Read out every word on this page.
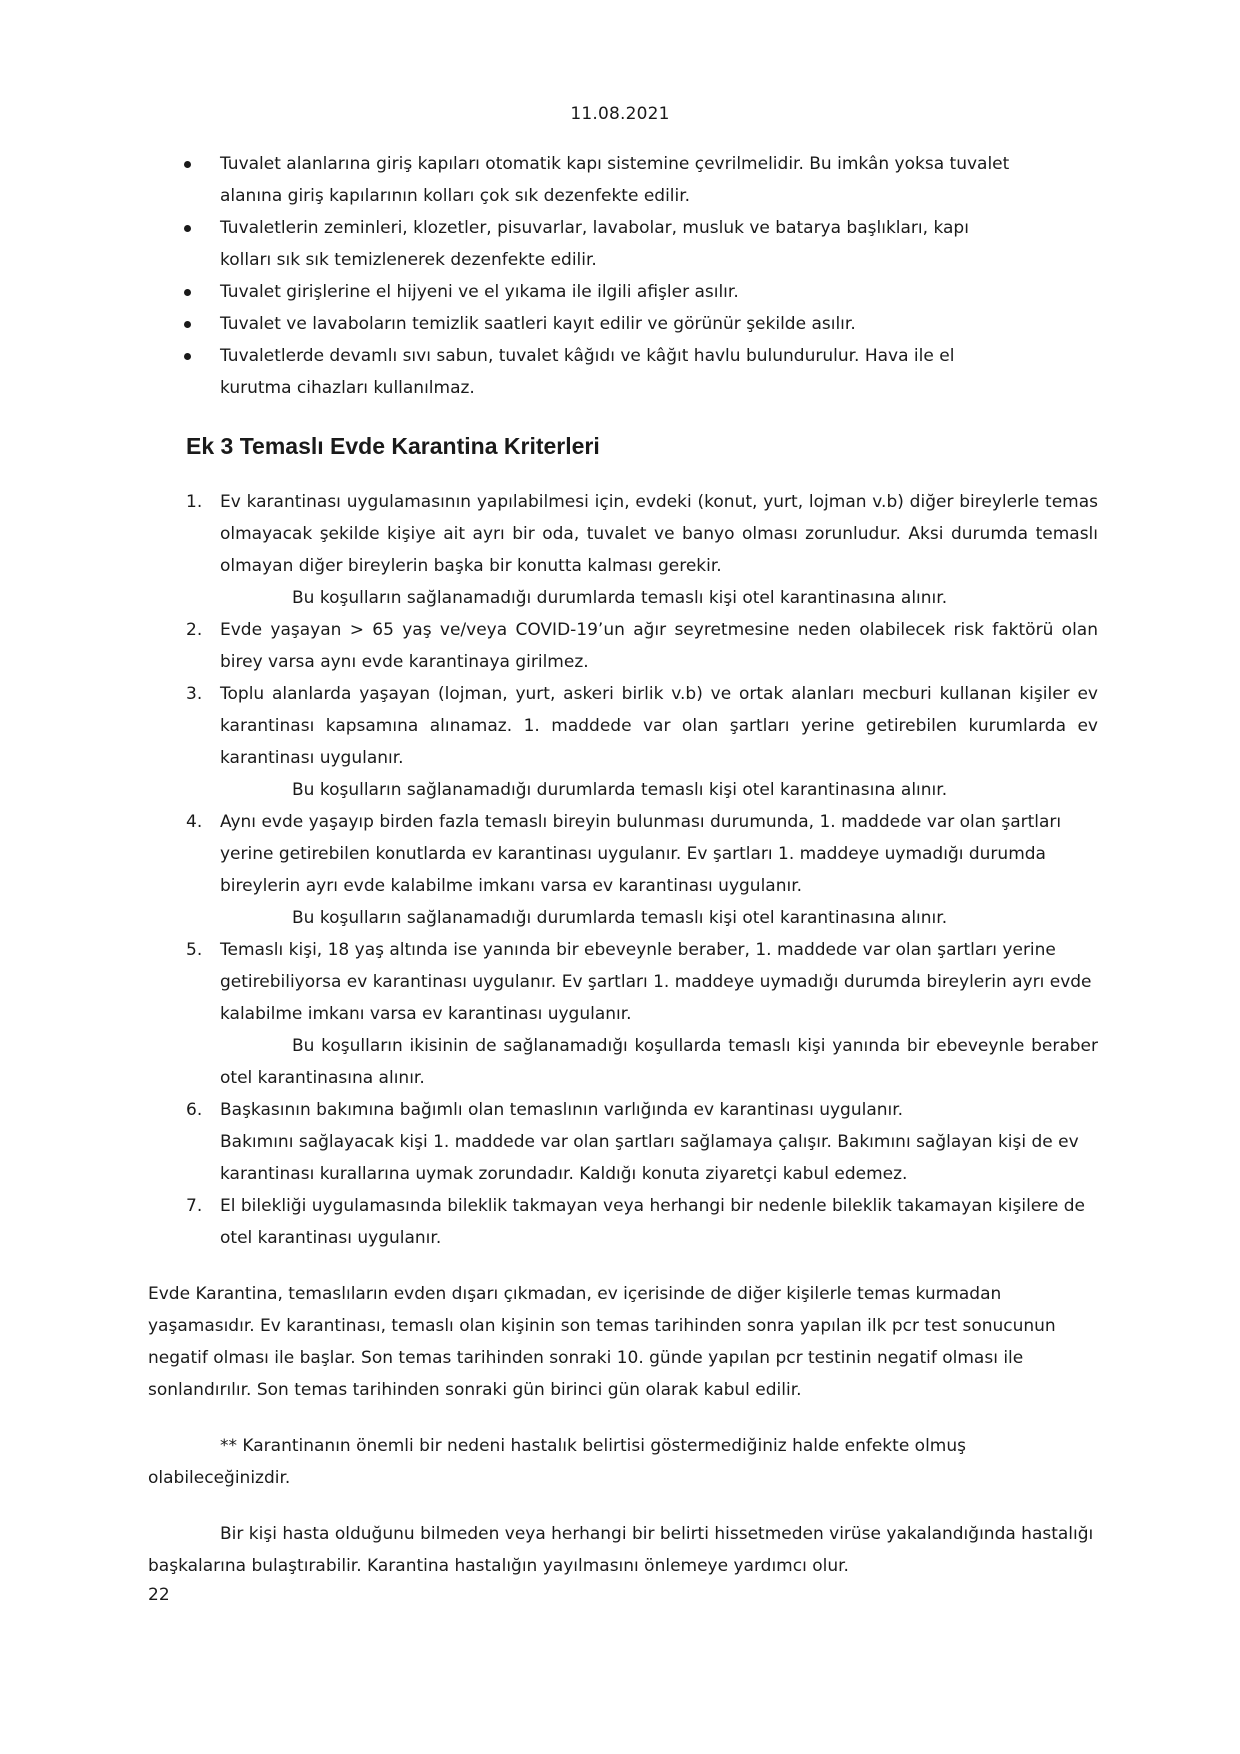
11.08.2021
Tuvalet alanlarına giriş kapıları otomatik kapı sistemine çevrilmelidir. Bu imkân yoksa tuvalet
alanına giriş kapılarının kolları çok sık dezenfekte edilir.
Tuvaletlerin zeminleri, klozetler, pisuvarlar, lavabolar, musluk ve batarya başlıkları, kapı
kolları sık sık temizlenerek dezenfekte edilir.
Tuvalet girişlerine el hijyeni ve el yıkama ile ilgili afişler asılır.
Tuvalet ve lavaboların temizlik saatleri kayıt edilir ve görünür şekilde asılır.
Tuvaletlerde devamlı sıvı sabun, tuvalet kâğıdı ve kâğıt havlu bulundurulur. Hava ile el
kurutma cihazları kullanılmaz.
Ek 3 Temaslı Evde Karantina Kriterleri
1. Ev karantinası uygulamasının yapılabilmesi için, evdeki (konut, yurt, lojman v.b) diğer bireylerle temas olmayacak şekilde kişiye ait ayrı bir oda, tuvalet ve banyo olması zorunludur. Aksi durumda temaslı olmayan diğer bireylerin başka bir konutta kalması gerekir.
Bu koşulların sağlanamadığı durumlarda temaslı kişi otel karantinasına alınır.
2. Evde yaşayan > 65 yaş ve/veya COVID-19’un ağır seyretmesine neden olabilecek risk faktörü olan birey varsa aynı evde karantinaya girilmez.
3. Toplu alanlarda yaşayan (lojman, yurt, askeri birlik v.b) ve ortak alanları mecburi kullanan kişiler ev karantinası kapsamına alınamaz. 1. maddede var olan şartları yerine getirebilen kurumlarda ev karantinası uygulanır.
Bu koşulların sağlanamadığı durumlarda temaslı kişi otel karantinasına alınır.
4. Aynı evde yaşayıp birden fazla temaslı bireyin bulunması durumunda, 1. maddede var olan şartları yerine getirebilen konutlarda ev karantinası uygulanır. Ev şartları 1. maddeye uymadığı durumda bireylerin ayrı evde kalabilme imkanı varsa ev karantinası uygulanır.
Bu koşulların sağlanamadığı durumlarda temaslı kişi otel karantinasına alınır.
5. Temaslı kişi, 18 yaş altında ise yanında bir ebeveynle beraber, 1. maddede var olan şartları yerine getirebiliyorsa ev karantinası uygulanır. Ev şartları 1. maddeye uymadığı durumda bireylerin ayrı evde kalabilme imkanı varsa ev karantinası uygulanır.
Bu koşulların ikisinin de sağlanamadığı koşullarda temaslı kişi yanında bir ebeveynle beraber otel karantinasına alınır.
6. Başkasının bakımına bağımlı olan temaslının varlığında ev karantinası uygulanır.
Bakımını sağlayacak kişi 1. maddede var olan şartları sağlamaya çalışır. Bakımını sağlayan kişi de ev karantinası kurallarına uymak zorundadır. Kaldığı konuta ziyaretçi kabul edemez.
7. El bilekliği uygulamasında bileklik takmayan veya herhangi bir nedenle bileklik takamayan kişilere de otel karantinası uygulanır.

Evde Karantina, temaslıların evden dışarı çıkmadan, ev içerisinde de diğer kişilerle temas kurmadan yaşamasıdır. Ev karantinası, temaslı olan kişinin son temas tarihinden sonra yapılan ilk pcr test sonucunun negatif olması ile başlar. Son temas tarihinden sonraki 10. günde yapılan pcr testinin negatif olması ile sonlandırılır. Son temas tarihinden sonraki gün birinci gün olarak kabul edilir.

** Karantinanın önemli bir nedeni hastalık belirtisi göstermediğiniz halde enfekte olmuş olabileceğinizdir.

Bir kişi hasta olduğunu bilmeden veya herhangi bir belirti hissetmeden virüse yakalandığında hastalığı başkalarına bulaştırabilir. Karantina hastalığın yayılmasını önlemeye yardımcı olur.

22
